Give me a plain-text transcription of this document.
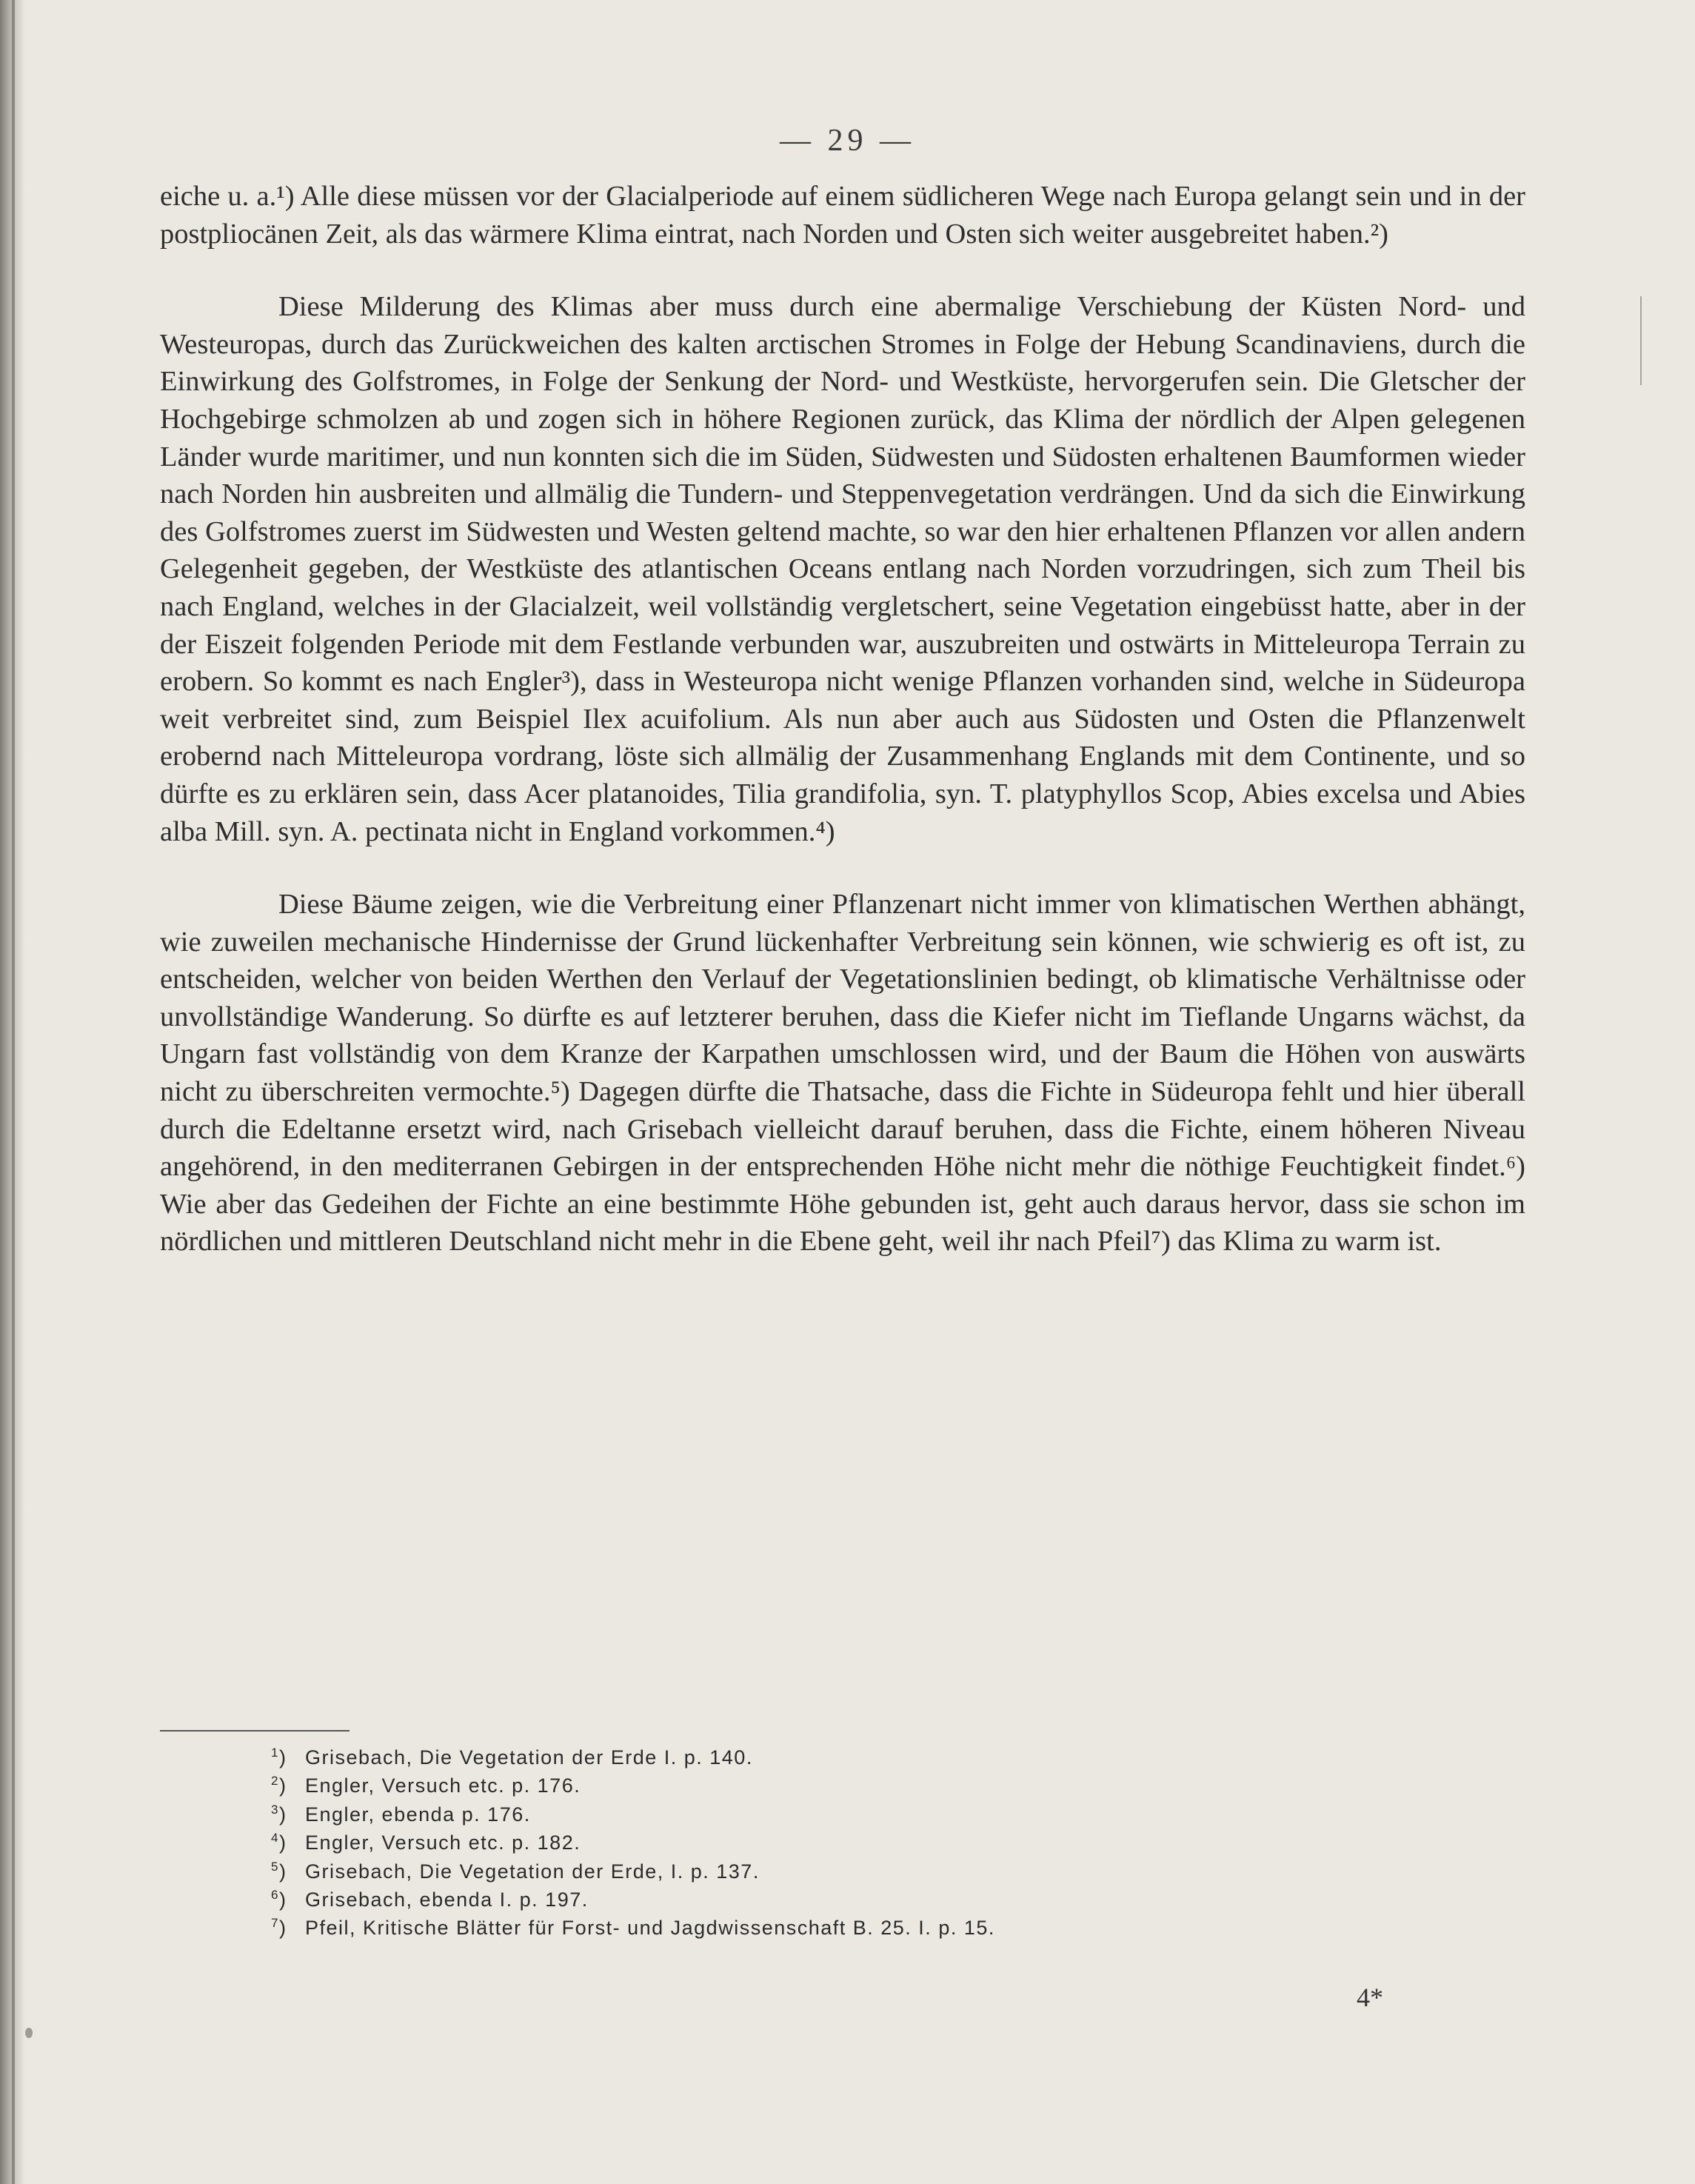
— 29 —

eiche u. a.¹) Alle diese müssen vor der Glacialperiode auf einem südlicheren Wege nach Europa gelangt sein und in der postpliocänen Zeit, als das wärmere Klima eintrat, nach Norden und Osten sich weiter ausgebreitet haben.²)

Diese Milderung des Klimas aber muss durch eine abermalige Verschiebung der Küsten Nord- und Westeuropas, durch das Zurückweichen des kalten arctischen Stromes in Folge der Hebung Scandinaviens, durch die Einwirkung des Golfstromes, in Folge der Senkung der Nord- und Westküste, hervorgerufen sein. Die Gletscher der Hochgebirge schmolzen ab und zogen sich in höhere Regionen zurück, das Klima der nördlich der Alpen gelegenen Länder wurde maritimer, und nun konnten sich die im Süden, Südwesten und Südosten erhaltenen Baumformen wieder nach Norden hin ausbreiten und allmälig die Tundern- und Steppenvegetation verdrängen. Und da sich die Einwirkung des Golfstromes zuerst im Südwesten und Westen geltend machte, so war den hier erhaltenen Pflanzen vor allen andern Gelegenheit gegeben, der Westküste des atlantischen Oceans entlang nach Norden vorzudringen, sich zum Theil bis nach England, welches in der Glacialzeit, weil vollständig vergletschert, seine Vegetation eingebüsst hatte, aber in der der Eiszeit folgenden Periode mit dem Festlande verbunden war, auszubreiten und ostwärts in Mitteleuropa Terrain zu erobern. So kommt es nach Engler³), dass in Westeuropa nicht wenige Pflanzen vorhanden sind, welche in Südeuropa weit verbreitet sind, zum Beispiel Ilex acuifolium. Als nun aber auch aus Südosten und Osten die Pflanzenwelt erobernd nach Mitteleuropa vordrang, löste sich allmälig der Zusammenhang Englands mit dem Continente, und so dürfte es zu erklären sein, dass Acer platanoides, Tilia grandifolia, syn. T. platyphyllos Scop, Abies excelsa und Abies alba Mill. syn. A. pectinata nicht in England vorkommen.⁴)

Diese Bäume zeigen, wie die Verbreitung einer Pflanzenart nicht immer von klimatischen Werthen abhängt, wie zuweilen mechanische Hindernisse der Grund lückenhafter Verbreitung sein können, wie schwierig es oft ist, zu entscheiden, welcher von beiden Werthen den Verlauf der Vegetationslinien bedingt, ob klimatische Verhältnisse oder unvollständige Wanderung. So dürfte es auf letzterer beruhen, dass die Kiefer nicht im Tieflande Ungarns wächst, da Ungarn fast vollständig von dem Kranze der Karpathen umschlossen wird, und der Baum die Höhen von auswärts nicht zu überschreiten vermochte.⁵) Dagegen dürfte die Thatsache, dass die Fichte in Südeuropa fehlt und hier überall durch die Edeltanne ersetzt wird, nach Grisebach vielleicht darauf beruhen, dass die Fichte, einem höheren Niveau angehörend, in den mediterranen Gebirgen in der entsprechenden Höhe nicht mehr die nöthige Feuchtigkeit findet.⁶) Wie aber das Gedeihen der Fichte an eine bestimmte Höhe gebunden ist, geht auch daraus hervor, dass sie schon im nördlichen und mittleren Deutschland nicht mehr in die Ebene geht, weil ihr nach Pfeil⁷) das Klima zu warm ist.

$^1$) Grisebach, Die Vegetation der Erde I. p. 140.
$^2$) Engler, Versuch etc. p. 176.
$^3$) Engler, ebenda p. 176.
$^4$) Engler, Versuch etc. p. 182.
$^5$) Grisebach, Die Vegetation der Erde, I. p. 137.
$^6$) Grisebach, ebenda I. p. 197.
$^7$) Pfeil, Kritische Blätter für Forst- und Jagdwissenschaft B. 25. I. p. 15.
4*
